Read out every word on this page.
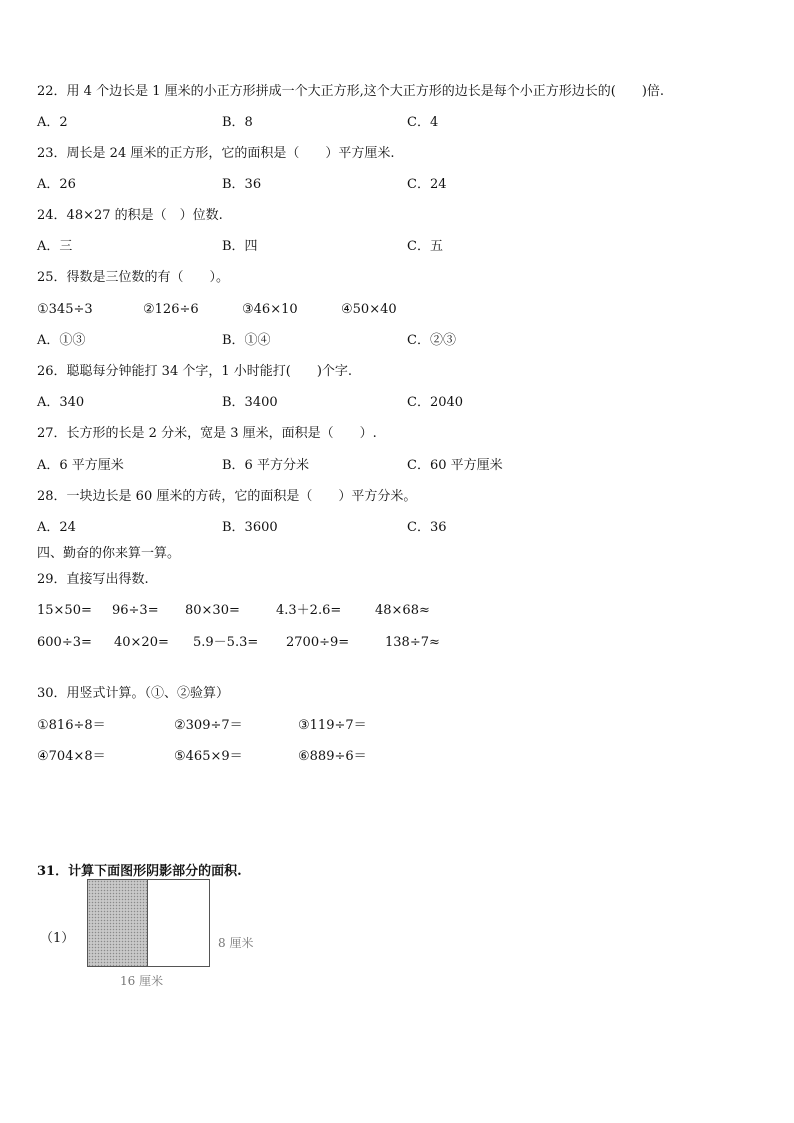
22．用 4 个边长是 1 厘米的小正方形拼成一个大正方形,这个大正方形的边长是每个小正方形边长的(　　)倍.
A．2	B．8	C．4
23．周长是 24 厘米的正方形，它的面积是（　　）平方厘米.
A．26	B．36	C．24
24．48×27 的积是（　）位数.
A．三	B．四	C．五
25．得数是三位数的有（　　）。
①345÷3	②126÷6	③46×10	④50×40
A．①③	B．①④	C．②③
26．聪聪每分钟能打 34 个字，1 小时能打(　　)个字.
A．340	B．3400	C．2040
27．长方形的长是 2 分米，宽是 3 厘米，面积是（　　）.
A．6 平方厘米	B．6 平方分米	C．60 平方厘米
28．一块边长是 60 厘米的方砖，它的面积是（　　）平方分米。
A．24	B．3600	C．36
四、勤奋的你来算一算。
29．直接写出得数.
15×50= 96÷3= 80×30=	4.3＋2.6=	48×68≈
600÷3= 40×20= 5.9－5.3= 2700÷9=	138÷7≈
30．用竖式计算。（①、②验算）
①816÷8＝	②309÷7＝	③119÷7＝
④704×8＝	⑤465×9＝	⑥889÷6＝
31．计算下面图形阴影部分的面积.
（1）	8 厘米
16 厘米
